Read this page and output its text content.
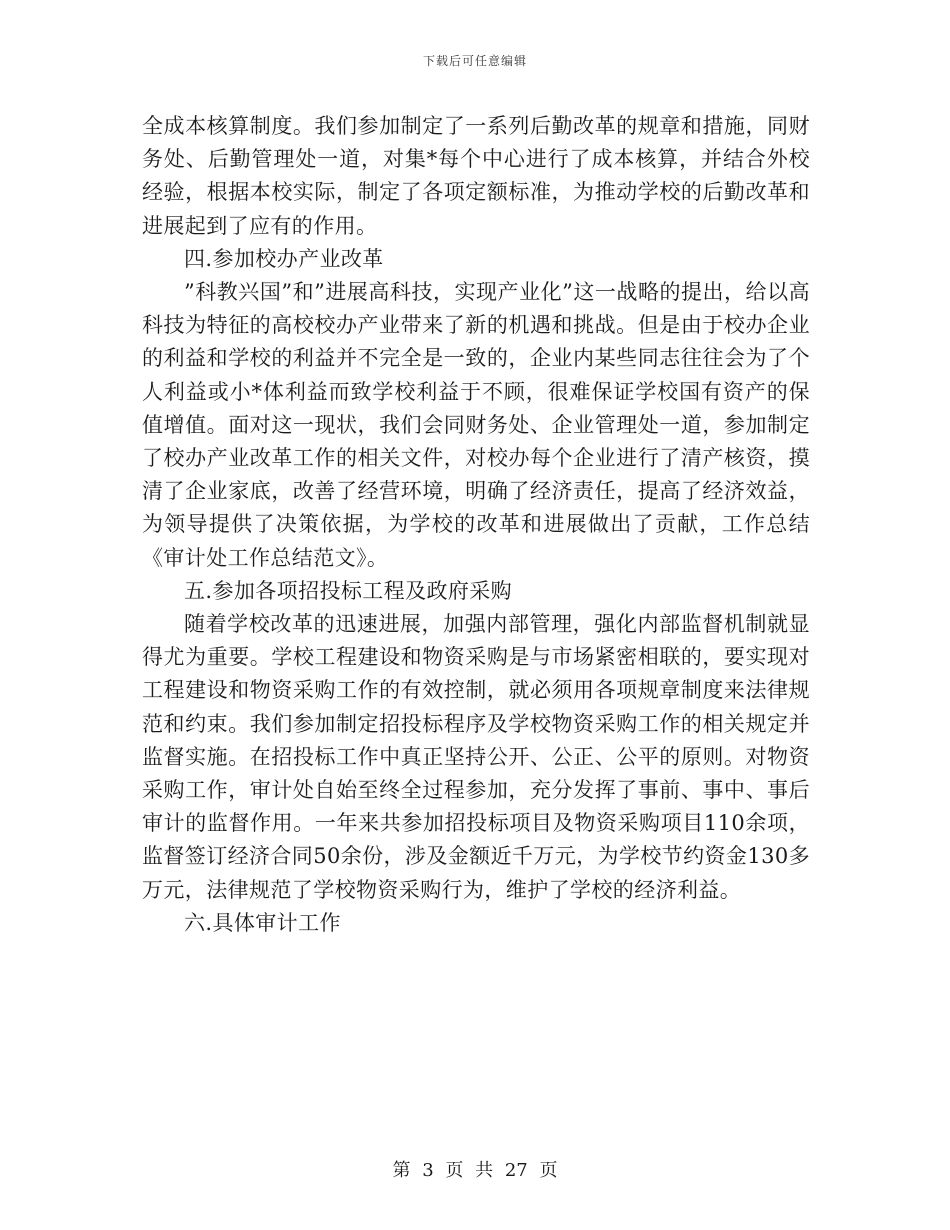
下载后可任意编辑

全成本核算制度。我们参加制定了一系列后勤改革的规章和措施，同财务处、后勤管理处一道，对集*每个中心进行了成本核算，并结合外校经验，根据本校实际，制定了各项定额标准，为推动学校的后勤改革和进展起到了应有的作用。

四.参加校办产业改革

”科教兴国”和”进展高科技，实现产业化”这一战略的提出，给以高科技为特征的高校校办产业带来了新的机遇和挑战。但是由于校办企业的利益和学校的利益并不完全是一致的，企业内某些同志往往会为了个人利益或小*体利益而致学校利益于不顾，很难保证学校国有资产的保值增值。面对这一现状，我们会同财务处、企业管理处一道，参加制定了校办产业改革工作的相关文件，对校办每个企业进行了清产核资，摸清了企业家底，改善了经营环境，明确了经济责任，提高了经济效益，为领导提供了决策依据，为学校的改革和进展做出了贡献，工作总结《审计处工作总结范文》。

五.参加各项招投标工程及政府采购

随着学校改革的迅速进展，加强内部管理，强化内部监督机制就显得尤为重要。学校工程建设和物资采购是与市场紧密相联的，要实现对工程建设和物资采购工作的有效控制，就必须用各项规章制度来法律规范和约束。我们参加制定招投标程序及学校物资采购工作的相关规定并监督实施。在招投标工作中真正坚持公开、公正、公平的原则。对物资采购工作，审计处自始至终全过程参加，充分发挥了事前、事中、事后审计的监督作用。一年来共参加招投标项目及物资采购项目110余项，监督签订经济合同50余份，涉及金额近千万元，为学校节约资金130多万元，法律规范了学校物资采购行为，维护了学校的经济利益。

六.具体审计工作

第 3 页 共 27 页
